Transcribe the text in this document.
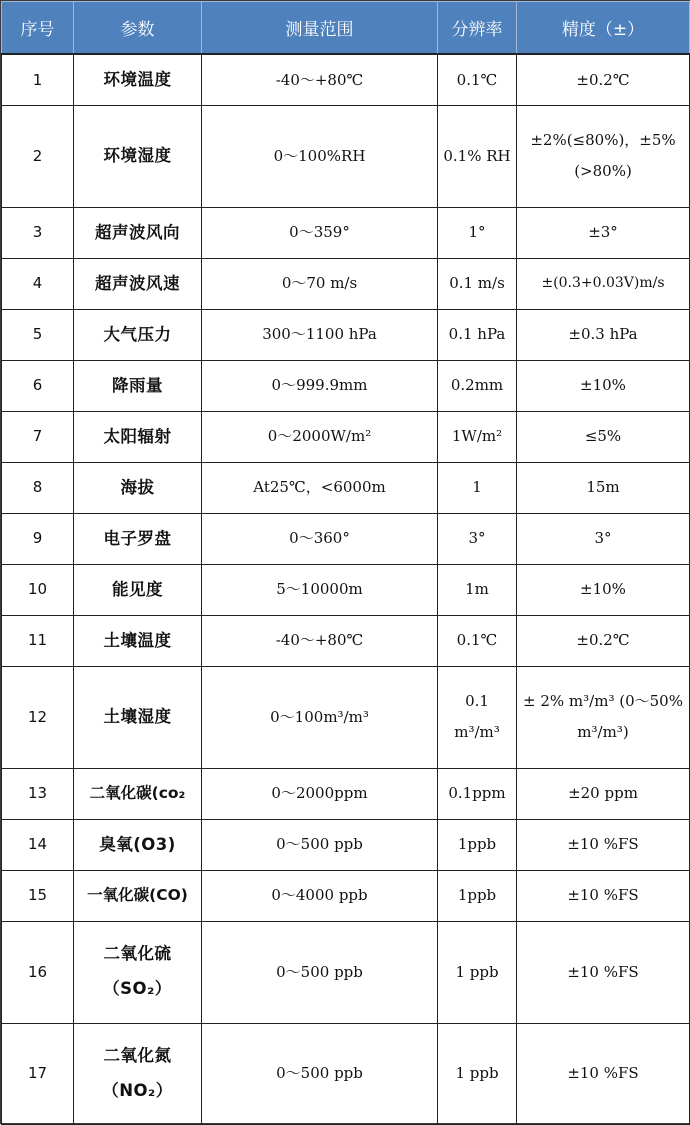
序号	参数	测量范围	分辨率	精度（±）
1	环境温度	-40～+80℃	0.1℃	±0.2℃
2	环境湿度	0～100%RH	0.1% RH	±2%(≤80%)，±5%(>80%)
3	超声波风向	0～359°	1°	±3°
4	超声波风速	0～70 m/s	0.1 m/s	±(0.3+0.03V)m/s
5	大气压力	300～1100 hPa	0.1 hPa	±0.3 hPa
6	降雨量	0～999.9mm	0.2mm	±10%
7	太阳辐射	0～2000W/m²	1W/m²	≤5%
8	海拔	At25℃，<6000m	1	15m
9	电子罗盘	0～360°	3°	3°
10	能见度	5～10000m	1m	±10%
11	土壤温度	-40～+80℃	0.1℃	±0.2℃
12	土壤湿度	0～100m³/m³	0.1 m³/m³	± 2% m³/m³ (0～50% m³/m³)
13	二氧化碳(co₂	0～2000ppm	0.1ppm	±20 ppm
14	臭氧(O3)	0～500 ppb	1ppb	±10 %FS
15	一氧化碳(CO)	0～4000 ppb	1ppb	±10 %FS
16	二氧化硫（SO₂）	0～500 ppb	1 ppb	±10 %FS
17	二氧化氮（NO₂）	0～500 ppb	1 ppb	±10 %FS
